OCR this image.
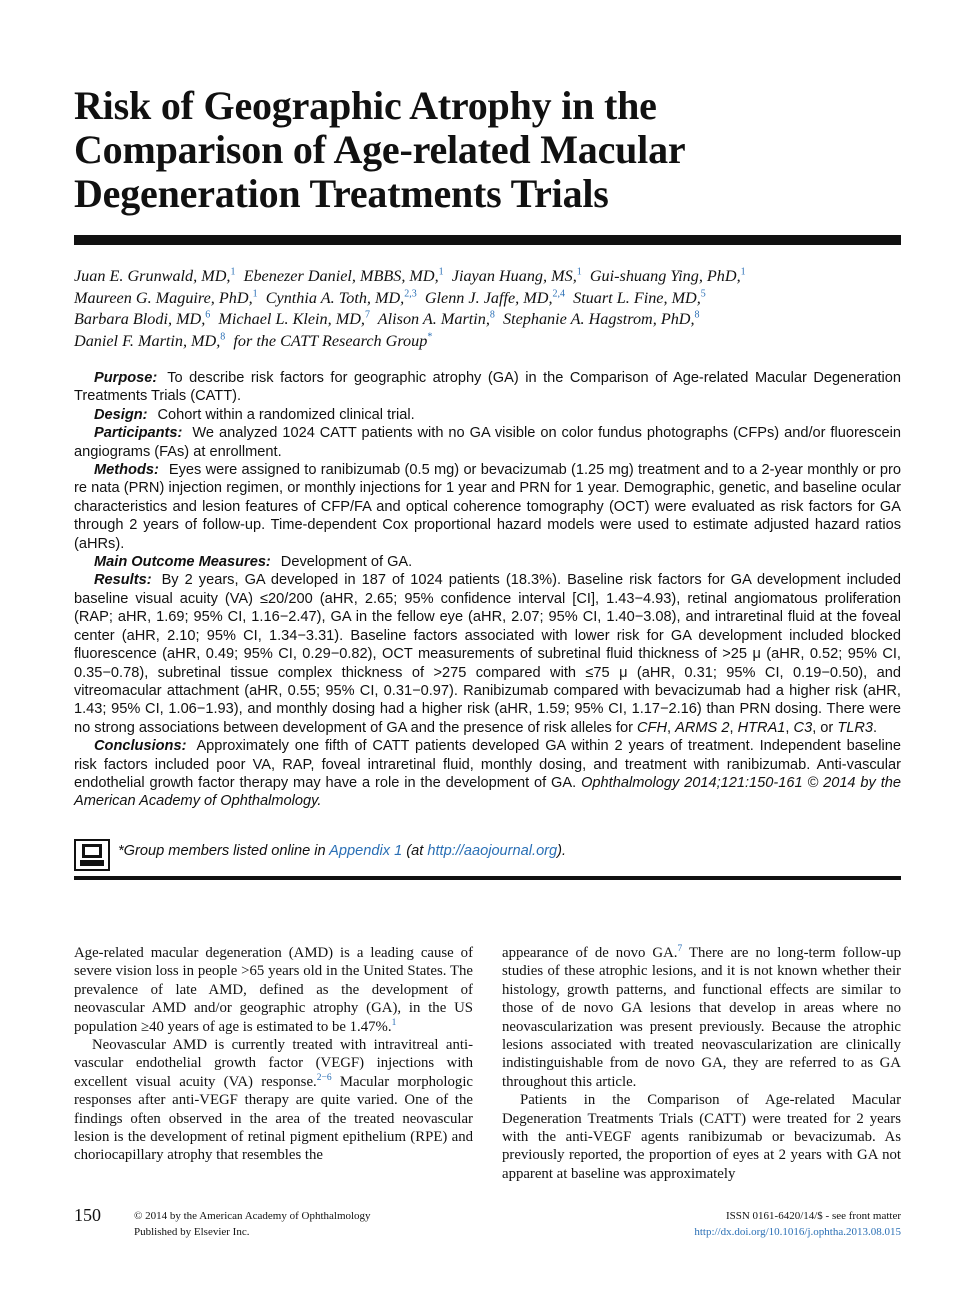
Risk of Geographic Atrophy in the
Comparison of Age-related Macular
Degeneration Treatments Trials
Juan E. Grunwald, MD,$^1$ Ebenezer Daniel, MBBS, MD,$^1$ Jiayan Huang, MS,$^1$ Gui-shuang Ying, PhD,$^1$
Maureen G. Maguire, PhD,$^1$ Cynthia A. Toth, MD,$^{2,3}$ Glenn J. Jaffe, MD,$^{2,4}$ Stuart L. Fine, MD,$^5$
Barbara Blodi, MD,$^6$ Michael L. Klein, MD,$^7$ Alison A. Martin,$^8$ Stephanie A. Hagstrom, PhD,$^8$
Daniel F. Martin, MD,$^8$ for the CATT Research Group*

Purpose: To describe risk factors for geographic atrophy (GA) in the Comparison of Age-related Macular Degeneration Treatments Trials (CATT).

Design: Cohort within a randomized clinical trial.

Participants: We analyzed 1024 CATT patients with no GA visible on color fundus photographs (CFPs) and/or fluorescein angiograms (FAs) at enrollment.

Methods: Eyes were assigned to ranibizumab (0.5 mg) or bevacizumab (1.25 mg) treatment and to a 2-year monthly or pro re nata (PRN) injection regimen, or monthly injections for 1 year and PRN for 1 year. Demographic, genetic, and baseline ocular characteristics and lesion features of CFP/FA and optical coherence tomography (OCT) were evaluated as risk factors for GA through 2 years of follow-up. Time-dependent Cox proportional hazard models were used to estimate adjusted hazard ratios (aHRs).

Main Outcome Measures: Development of GA.

Results: By 2 years, GA developed in 187 of 1024 patients (18.3%). Baseline risk factors for GA development included baseline visual acuity (VA) ≤20/200 (aHR, 2.65; 95% confidence interval [CI], 1.43−4.93), retinal angiomatous proliferation (RAP; aHR, 1.69; 95% CI, 1.16−2.47), GA in the fellow eye (aHR, 2.07; 95% CI, 1.40−3.08), and intraretinal fluid at the foveal center (aHR, 2.10; 95% CI, 1.34−3.31). Baseline factors associated with lower risk for GA development included blocked fluorescence (aHR, 0.49; 95% CI, 0.29−0.82), OCT measurements of subretinal fluid thickness of >25 μ (aHR, 0.52; 95% CI, 0.35−0.78), subretinal tissue complex thickness of >275 compared with ≤75 μ (aHR, 0.31; 95% CI, 0.19−0.50), and vitreomacular attachment (aHR, 0.55; 95% CI, 0.31−0.97). Ranibizumab compared with bevacizumab had a higher risk (aHR, 1.43; 95% CI, 1.06−1.93), and monthly dosing had a higher risk (aHR, 1.59; 95% CI, 1.17−2.16) than PRN dosing. There were no strong associations between development of GA and the presence of risk alleles for CFH, ARMS 2, HTRA1, C3, or TLR3.

Conclusions: Approximately one fifth of CATT patients developed GA within 2 years of treatment. Independent baseline risk factors included poor VA, RAP, foveal intraretinal fluid, monthly dosing, and treatment with ranibizumab. Anti-vascular endothelial growth factor therapy may have a role in the development of GA. Ophthalmology 2014;121:150-161 © 2014 by the American Academy of Ophthalmology.

*Group members listed online in Appendix 1 (at http://aaojournal.org).

Age-related macular degeneration (AMD) is a leading cause of severe vision loss in people >65 years old in the United States. The prevalence of late AMD, defined as the development of neovascular AMD and/or geographic atrophy (GA), in the US population ≥40 years of age is estimated to be 1.47%.$^1$

Neovascular AMD is currently treated with intravitreal anti-vascular endothelial growth factor (VEGF) injections with excellent visual acuity (VA) response.$^{2-6}$ Macular morphologic responses after anti-VEGF therapy are quite varied. One of the findings often observed in the area of the treated neovascular lesion is the development of retinal pigment epithelium (RPE) and choriocapillary atrophy that resembles the

appearance of de novo GA.$^7$ There are no long-term follow-up studies of these atrophic lesions, and it is not known whether their histology, growth patterns, and functional effects are similar to those of de novo GA lesions that develop in areas where no neovascularization was present previously. Because the atrophic lesions associated with treated neovascularization are clinically indistinguishable from de novo GA, they are referred to as GA throughout this article.

Patients in the Comparison of Age-related Macular Degeneration Treatments Trials (CATT) were treated for 2 years with the anti-VEGF agents ranibizumab or bevacizumab. As previously reported, the proportion of eyes at 2 years with GA not apparent at baseline was approximately

150	© 2014 by the American Academy of Ophthalmology
Published by Elsevier Inc.
ISSN 0161-6420/14/$ - see front matter
http://dx.doi.org/10.1016/j.ophtha.2013.08.015
